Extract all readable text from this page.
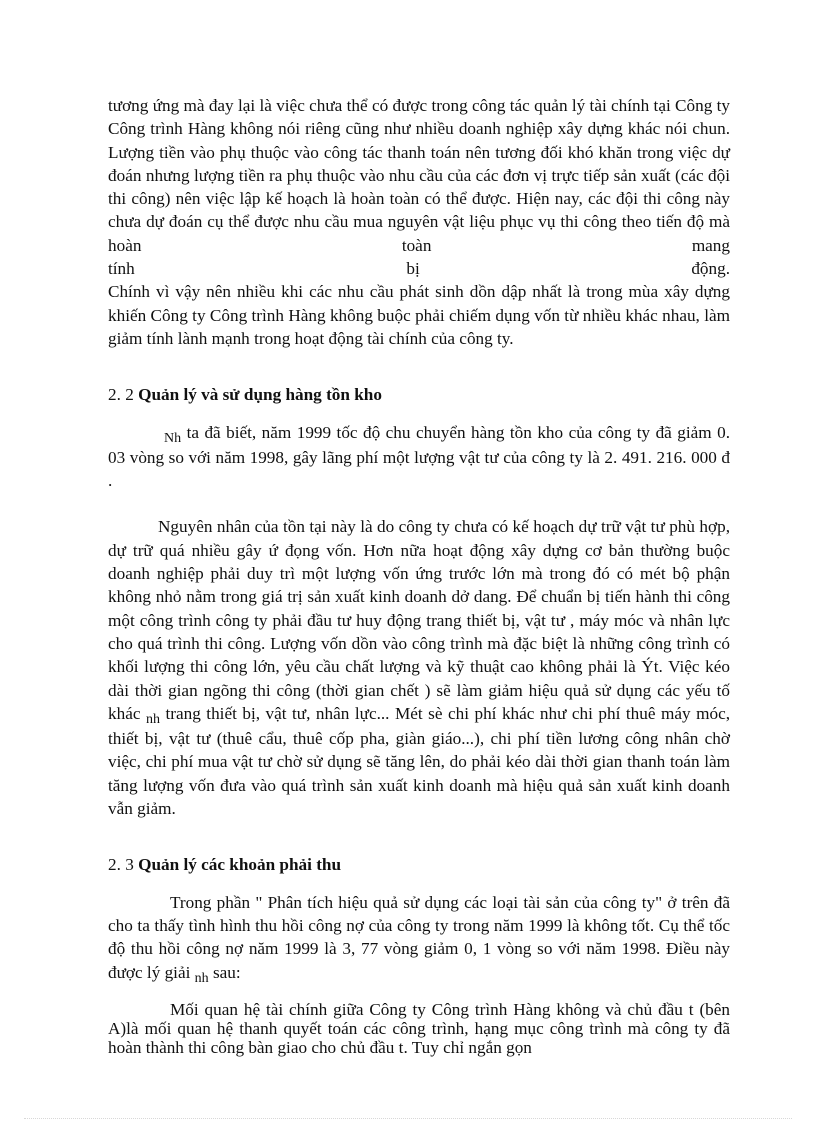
tương ứng mà đay lại là việc chưa thể có được trong công tác quản lý tài chính tại Công ty Công trình Hàng không nói riêng cũng như nhiều doanh nghiệp xây dựng khác nói chun. Lượng tiền vào phụ thuộc vào công tác thanh toán nên tương đối khó khăn trong việc dự đoán nhưng lượng tiền ra phụ thuộc vào nhu cầu của các đơn vị trực tiếp sản xuất (các đội thi công) nên việc lập kế hoạch là hoàn toàn có thể được. Hiện nay, các đội thi công này chưa dự đoán cụ thể được nhu cầu mua nguyên vật liệu phục vụ thi công theo tiến độ mà hoàn toàn mang

tính bị động.

Chính vì vậy nên nhiều khi các nhu cầu phát sinh dồn dập nhất là trong mùa xây dựng khiến Công ty Công trình Hàng không buộc phải chiếm dụng vốn từ nhiều khác nhau, làm giảm tính lành mạnh trong hoạt động tài chính của công ty.

2. 2 Quản lý và sử dụng hàng tồn kho

$_{Nh}$ ta đã biết, năm 1999 tốc độ chu chuyển hàng tồn kho của công ty đã giảm 0. 03 vòng so với năm 1998, gây lãng phí một lượng vật tư của công ty là 2. 491. 216. 000 đ .

Nguyên nhân của tồn tại này là do công ty chưa có kế hoạch dự trữ vật tư phù hợp, dự trữ quá nhiều gây ứ đọng vốn. Hơn nữa hoạt động xây dựng cơ bản thường buộc doanh nghiệp phải duy trì một lượng vốn ứng trước lớn mà trong đó có mét bộ phận không nhỏ nằm trong giá trị sản xuất kinh doanh dở dang. Để chuẩn bị tiến hành thi công một công trình công ty phải đầu tư huy động trang thiết bị, vật tư , máy móc và nhân lực cho quá trình thi công. Lượng vốn dồn vào công trình mà đặc biệt là những công trình có khối lượng thi công lớn, yêu cầu chất lượng và kỹ thuật cao không phải là Ýt. Việc kéo dài thời gian ngõng thi công (thời gian chết ) sẽ làm giảm hiệu quả sử dụng các yếu tố khác $_{nh}$ trang thiết bị, vật tư, nhân lực... Mét sè chi phí khác như chi phí thuê máy móc, thiết bị, vật tư (thuê cẩu, thuê cốp pha, giàn giáo...), chi phí tiền lương công nhân chờ việc, chi phí mua vật tư chờ sử dụng sẽ tăng lên, do phải kéo dài thời gian thanh toán làm tăng lượng vốn đưa vào quá trình sản xuất kinh doanh mà hiệu quả sản xuất kinh doanh vẫn giảm.

2. 3 Quản lý các khoản phải thu

Trong phần " Phân tích hiệu quả sử dụng các loại tài sản của công ty" ở trên đã cho ta thấy tình hình thu hồi công nợ của công ty trong năm 1999 là không tốt. Cụ thể tốc độ thu hồi công nợ năm 1999 là 3, 77 vòng giảm 0, 1 vòng so với năm 1998. Điều này được lý giải $_{nh}$ sau:

Mối quan hệ tài chính giữa Công ty Công trình Hàng không và chủ đầu t (bên A)là mối quan hệ thanh quyết toán các công trình, hạng mục công trình mà công ty đã hoàn thành thi công bàn giao cho chủ đầu t. Tuy chỉ ngắn gọn
